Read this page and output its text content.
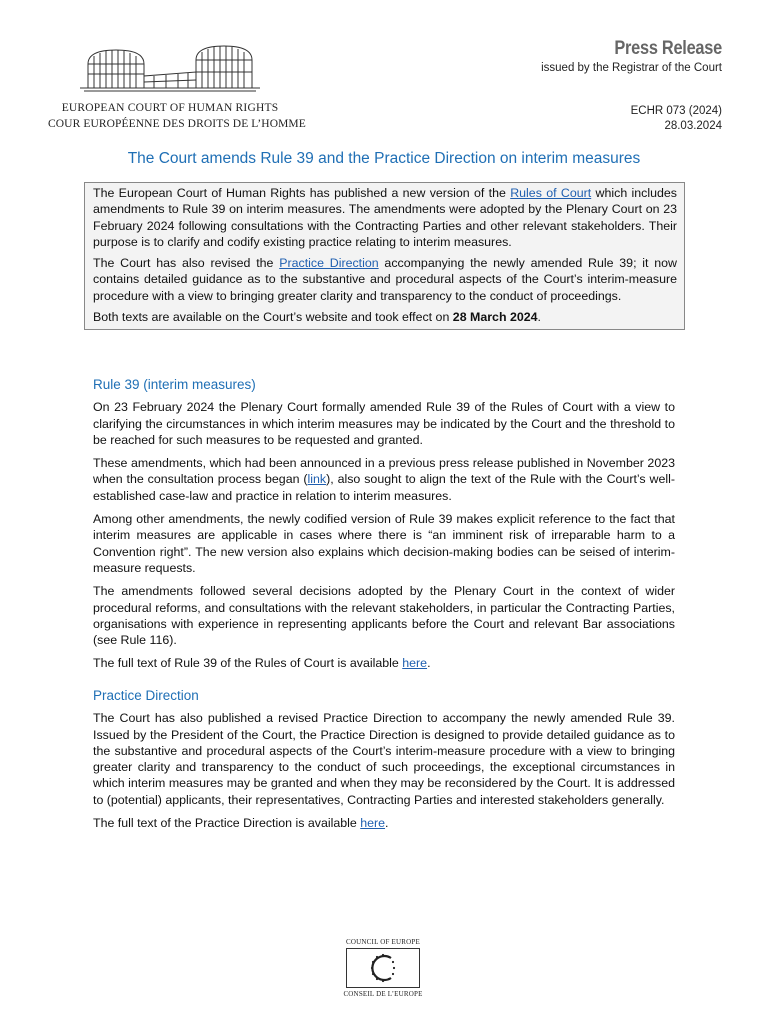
EUROPEAN COURT OF HUMAN RIGHTS
COUR EUROPÉENNE DES DROITS DE L’HOMME
Press Release
issued by the Registrar of the Court
ECHR 073 (2024)
28.03.2024
The Court amends Rule 39 and the Practice Direction on interim measures

The European Court of Human Rights has published a new version of the Rules of Court which includes amendments to Rule 39 on interim measures. The amendments were adopted by the Plenary Court on 23 February 2024 following consultations with the Contracting Parties and other relevant stakeholders. Their purpose is to clarify and codify existing practice relating to interim measures.

The Court has also revised the Practice Direction accompanying the newly amended Rule 39; it now contains detailed guidance as to the substantive and procedural aspects of the Court’s interim-measure procedure with a view to bringing greater clarity and transparency to the conduct of proceedings.

Both texts are available on the Court’s website and took effect on 28 March 2024.

Rule 39 (interim measures)

On 23 February 2024 the Plenary Court formally amended Rule 39 of the Rules of Court with a view to clarifying the circumstances in which interim measures may be indicated by the Court and the threshold to be reached for such measures to be requested and granted.

These amendments, which had been announced in a previous press release published in November 2023 when the consultation process began (link), also sought to align the text of the Rule with the Court’s well-established case-law and practice in relation to interim measures.

Among other amendments, the newly codified version of Rule 39 makes explicit reference to the fact that interim measures are applicable in cases where there is “an imminent risk of irreparable harm to a Convention right”. The new version also explains which decision-making bodies can be seised of interim-measure requests.

The amendments followed several decisions adopted by the Plenary Court in the context of wider procedural reforms, and consultations with the relevant stakeholders, in particular the Contracting Parties, organisations with experience in representing applicants before the Court and relevant Bar associations (see Rule 116).

The full text of Rule 39 of the Rules of Court is available here.

Practice Direction

The Court has also published a revised Practice Direction to accompany the newly amended Rule 39. Issued by the President of the Court, the Practice Direction is designed to provide detailed guidance as to the substantive and procedural aspects of the Court’s interim-measure procedure with a view to bringing greater clarity and transparency to the conduct of such proceedings, the exceptional circumstances in which interim measures may be granted and when they may be reconsidered by the Court. It is addressed to (potential) applicants, their representatives, Contracting Parties and interested stakeholders generally.

The full text of the Practice Direction is available here.

COUNCIL OF EUROPE
CONSEIL DE L’EUROPE
